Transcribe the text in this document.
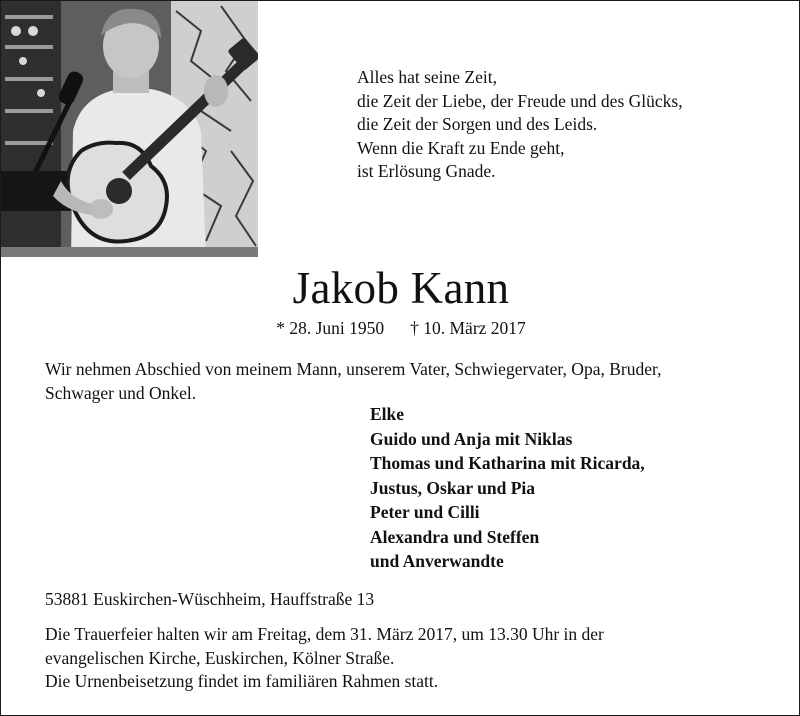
Alles hat seine Zeit,
die Zeit der Liebe, der Freude und des Glücks,
die Zeit der Sorgen und des Leids.
Wenn die Kraft zu Ende geht,
ist Erlösung Gnade.
Jakob Kann
* 28. Juni 1950 † 10. März 2017
Wir nehmen Abschied von meinem Mann, unserem Vater, Schwiegervater, Opa, Bruder,
Schwager und Onkel.
Elke
Guido und Anja mit Niklas
Thomas und Katharina mit Ricarda,
Justus, Oskar und Pia
Peter und Cilli
Alexandra und Steffen
und Anverwandte
53881 Euskirchen-Wüschheim, Hauffstraße 13
Die Trauerfeier halten wir am Freitag, dem 31. März 2017, um 13.30 Uhr in der
evangelischen Kirche, Euskirchen, Kölner Straße.
Die Urnenbeisetzung findet im familiären Rahmen statt.
